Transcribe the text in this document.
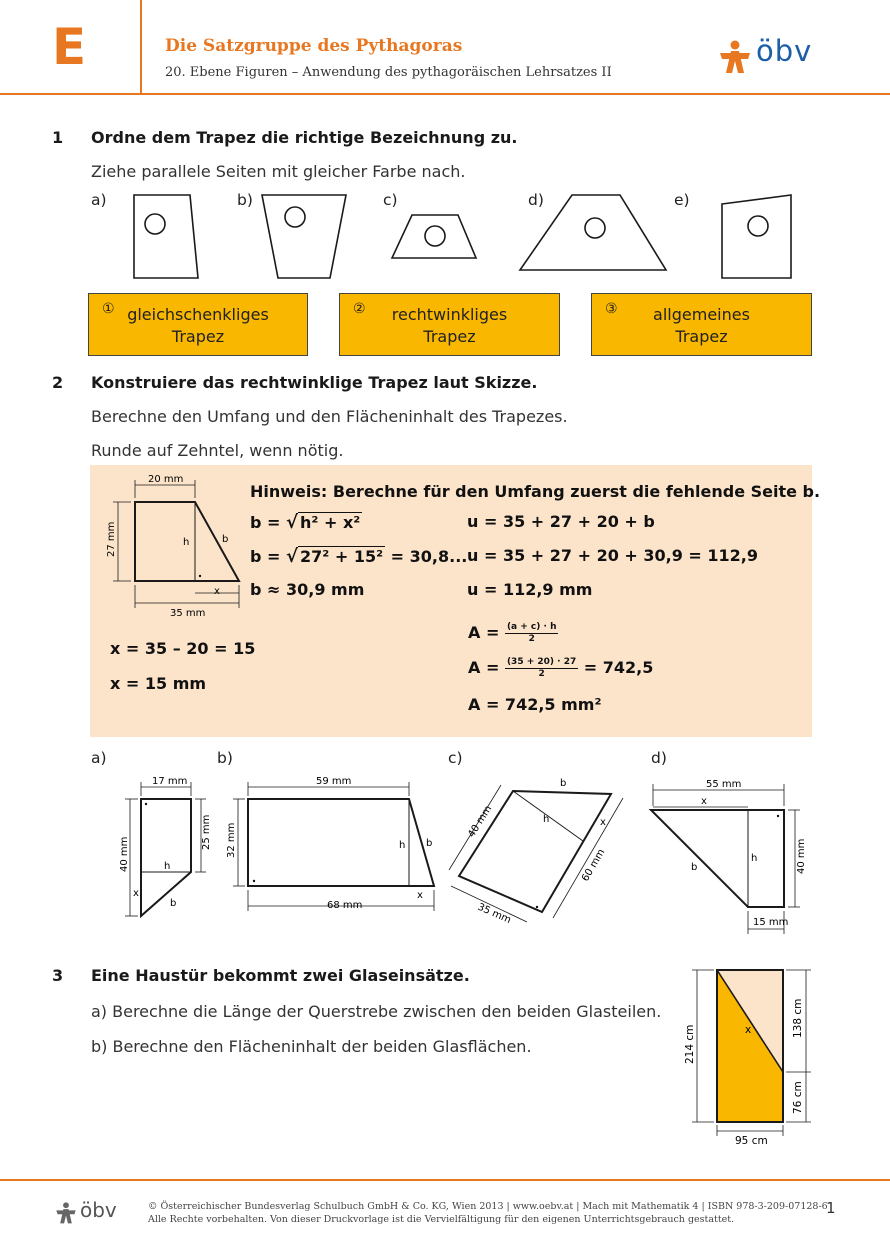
E	Die Satzgruppe des Pythagoras
20. Ebene Figuren – Anwendung des pythagoräischen Lehrsatzes II
öbv
1 Ordne dem Trapez die richtige Bezeichnung zu.
Ziehe parallele Seiten mit gleicher Farbe nach.
a)	b)	c)	d)	e)
① gleichschenkliges
Trapez
②	rechtwinkliges
Trapez
③	allgemeines
Trapez
2 Konstruiere das rechtwinklige Trapez laut Skizze.
Berechne den Umfang und den Flächeninhalt des Trapezes.
Runde auf Zehntel, wenn nötig.
20 mm
27 mm
35 mm
h	b
x
Hinweis: Berechne für den Umfang zuerst die fehlende Seite b.
b = √ h² + x²
b = √ 27² + 15² = 30,8...
b ≈ 30,9 mm
u = 35 + 27 + 20 + b
u = 35 + 27 + 20 + 30,9 = 112,9
u = 112,9 mm
x = 35 – 20 = 15
x = 15 mm
$A = \frac{(a + c) \cdot h}{2}$
$A = \frac{(35 + 20) \cdot 27}{2} = 742,5$
A = 742,5 mm²
a)	b)	c)	d)
17 mm
40 mm
25 mm
h
x
b
59 mm
32 mm
68 mm
h b
x
40 mm
35 mm
60 mm
b
h	x
55 mm
40 mm
15 mm
x
h
b
3 Eine Haustür bekommt zwei Glaseinsätze.
a) Berechne die Länge der Querstrebe zwischen den beiden Glasteilen.
b) Berechne den Flächeninhalt der beiden Glasflächen.	214 cm
138 cm
76 cm
95 cm
x
öbv	© Österreichischer Bundesverlag Schulbuch GmbH & Co. KG, Wien 2013 | www.oebv.at | Mach mit Mathematik 4 | ISBN 978-3-209-07128-6
Alle Rechte vorbehalten. Von dieser Druckvorlage ist die Vervielfältigung für den eigenen Unterrichtsgebrauch gestattet.
1
